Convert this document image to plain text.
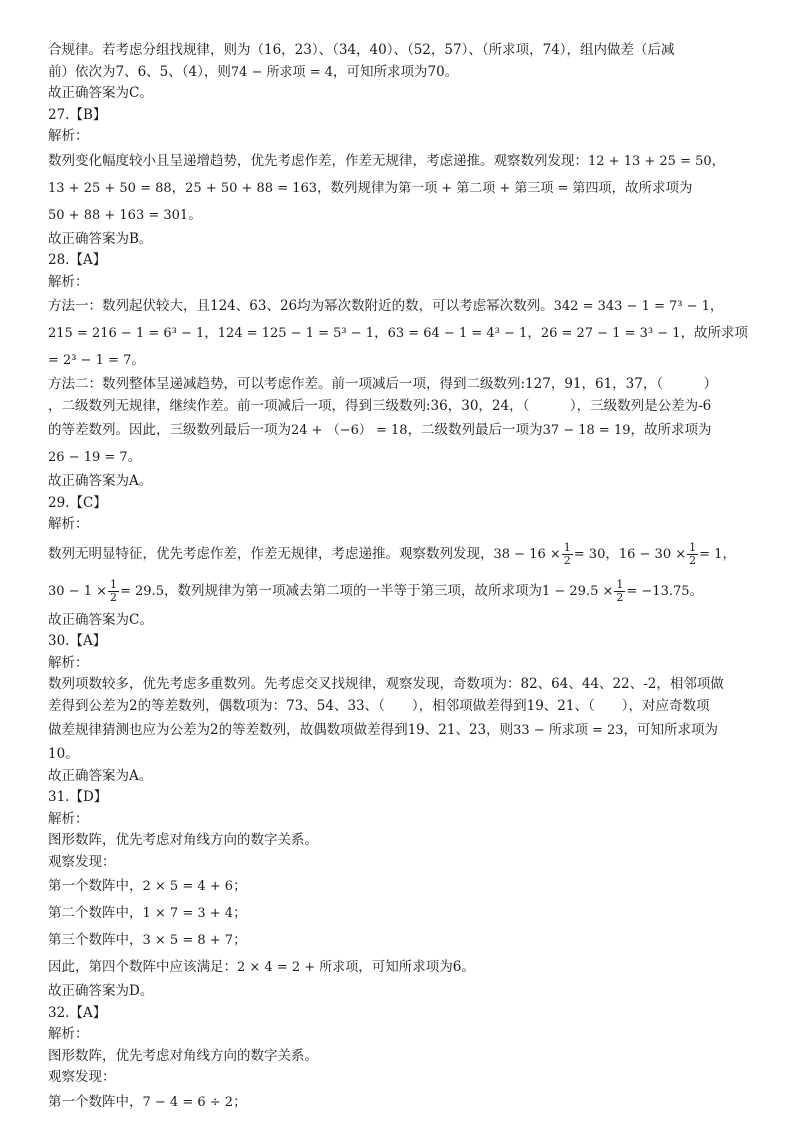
合规律。若考虑分组找规律，则为（16，23）、（34，40）、（52，57）、（所求项，74），组内做差（后减
前）依次为7、6、5、（4），则74 − 所求项 = 4，可知所求项为70。
故正确答案为C。
27.【B】
解析：
数列变化幅度较小且呈递增趋势，优先考虑作差，作差无规律，考虑递推。观察数列发现：12 + 13 + 25 = 50，
13 + 25 + 50 = 88，25 + 50 + 88 = 163，数列规律为第一项 + 第二项 + 第三项 = 第四项，故所求项为
50 + 88 + 163 = 301。
故正确答案为B。
28.【A】
解析：
方法一：数列起伏较大，且124、63、26均为幂次数附近的数，可以考虑幂次数列。342 = 343 − 1 = 7³ − 1，
215 = 216 − 1 = 6³ − 1，124 = 125 − 1 = 5³ − 1，63 = 64 − 1 = 4³ − 1，26 = 27 − 1 = 3³ − 1，故所求项
= 2³ − 1 = 7。
方法二：数列整体呈递减趋势，可以考虑作差。前一项减后一项，得到二级数列:127，91，61，37，（　　　）
，二级数列无规律，继续作差。前一项减后一项，得到三级数列:36，30，24，（　　　），三级数列是公差为-6
的等差数列。因此，三级数列最后一项为24 + （−6） = 18，二级数列最后一项为37 − 18 = 19，故所求项为
26 − 19 = 7。
故正确答案为A。
29.【C】
解析：
数列无明显特征，优先考虑作差，作差无规律，考虑递推。观察数列发现，$38 - 16 \times \frac{1}{2} = 30$，$16 - 30 \times \frac{1}{2} = 1$，
$30 - 1 \times \frac{1}{2} = 29.5$，数列规律为第一项减去第二项的一半等于第三项，故所求项为$1 - 29.5 \times \frac{1}{2} = -13.75$。
故正确答案为C。
30.【A】
解析：
数列项数较多，优先考虑多重数列。先考虑交叉找规律，观察发现，奇数项为：82、64、44、22、-2，相邻项做
差得到公差为2的等差数列，偶数项为：73、54、33、（　　），相邻项做差得到19、21、（　　），对应奇数项
做差规律猜测也应为公差为2的等差数列，故偶数项做差得到19、21、23，则33 − 所求项 = 23，可知所求项为
10。
故正确答案为A。
31.【D】
解析：
图形数阵，优先考虑对角线方向的数字关系。
观察发现：
第一个数阵中，2 × 5 = 4 + 6；
第二个数阵中，1 × 7 = 3 + 4；
第三个数阵中，3 × 5 = 8 + 7；
因此，第四个数阵中应该满足：2 × 4 = 2 + 所求项，可知所求项为6。
故正确答案为D。
32.【A】
解析：
图形数阵，优先考虑对角线方向的数字关系。
观察发现：
第一个数阵中，7 − 4 = 6 ÷ 2；
